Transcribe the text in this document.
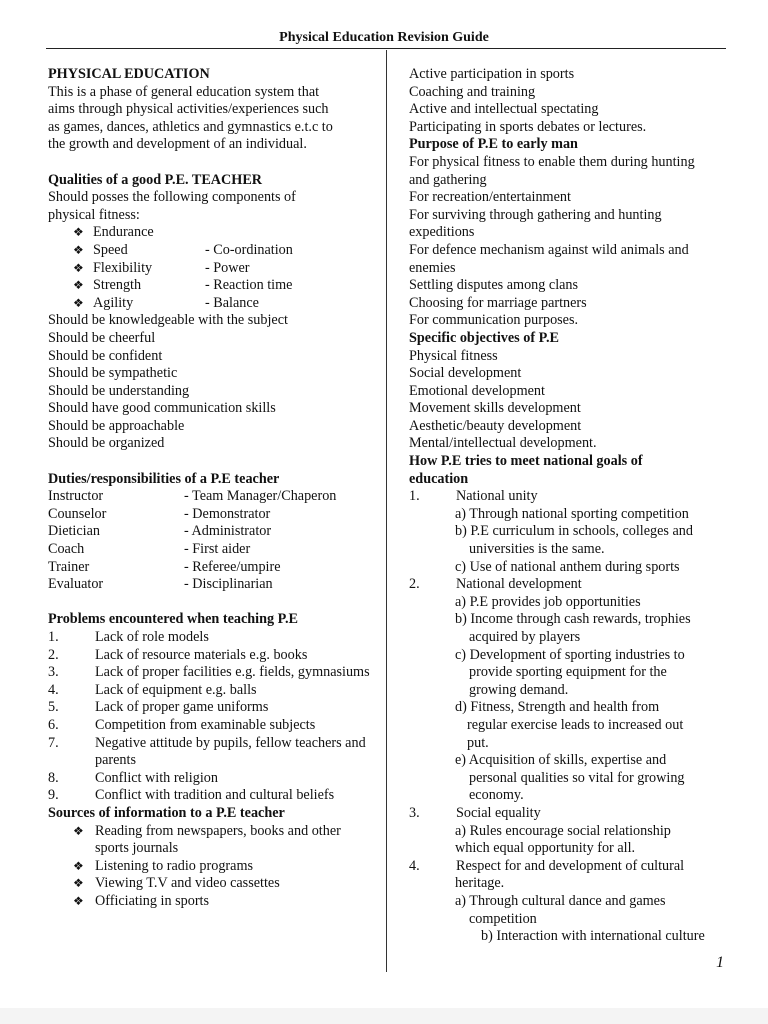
Physical Education Revision Guide
PHYSICAL EDUCATION
This is a phase of general education system that
aims through physical activities/experiences such
as games, dances, athletics and gymnastics e.t.c to
the growth and development of an individual.
Qualities of a good P.E. TEACHER
Should posses the following components of
physical fitness:
❖ Endurance
❖ Speed	- Co-ordination
❖ Flexibility	- Power
❖ Strength	- Reaction time
❖ Agility	- Balance
Should be knowledgeable with the subject
Should be cheerful
Should be confident
Should be sympathetic
Should be understanding
Should have good communication skills
Should be approachable
Should be organized
Duties/responsibilities of a P.E teacher
Instructor	- Team Manager/Chaperon
Counselor	- Demonstrator
Dietician	- Administrator
Coach	- First aider
Trainer	- Referee/umpire
Evaluator	- Disciplinarian
Problems encountered when teaching P.E
1.	Lack of role models
2.	Lack of resource materials e.g. books
3.	Lack of proper facilities e.g. fields, gymnasiums
4.	Lack of equipment e.g. balls
5.	Lack of proper game uniforms
6.	Competition from examinable subjects
7.	Negative attitude by pupils, fellow teachers and parents
8.	Conflict with religion
9.	Conflict with tradition and cultural beliefs
Sources of information to a P.E teacher
❖ Reading from newspapers, books and other sports journals
❖ Listening to radio programs
❖ Viewing T.V and video cassettes
❖ Officiating in sports
Active participation in sports
Coaching and training
Active and intellectual spectating
Participating in sports debates or lectures.
Purpose of P.E to early man
For physical fitness to enable them during hunting
and gathering
For recreation/entertainment
For surviving through gathering and hunting
expeditions
For defence mechanism against wild animals and
enemies
Settling disputes among clans
Choosing for marriage partners
For communication purposes.
Specific objectives of P.E
Physical fitness
Social development
Emotional development
Movement skills development
Aesthetic/beauty development
Mental/intellectual development.
How P.E tries to meet national goals of
education
1.	National unity
a) Through national sporting competition
b) P.E curriculum in schools, colleges and
universities is the same.
c) Use of national anthem during sports
2.	National development
a) P.E provides job opportunities
b) Income through cash rewards, trophies
acquired by players
c) Development of sporting industries to
provide sporting equipment for the
growing demand.
d) Fitness, Strength and health from
regular exercise leads to increased out
put.
e) Acquisition of skills, expertise and
personal qualities so vital for growing
economy.
3.	Social equality
a) Rules encourage social relationship
which equal opportunity for all.
4.	Respect for and development of cultural
heritage.
a) Through cultural dance and games
competition
b) Interaction with international culture
1
